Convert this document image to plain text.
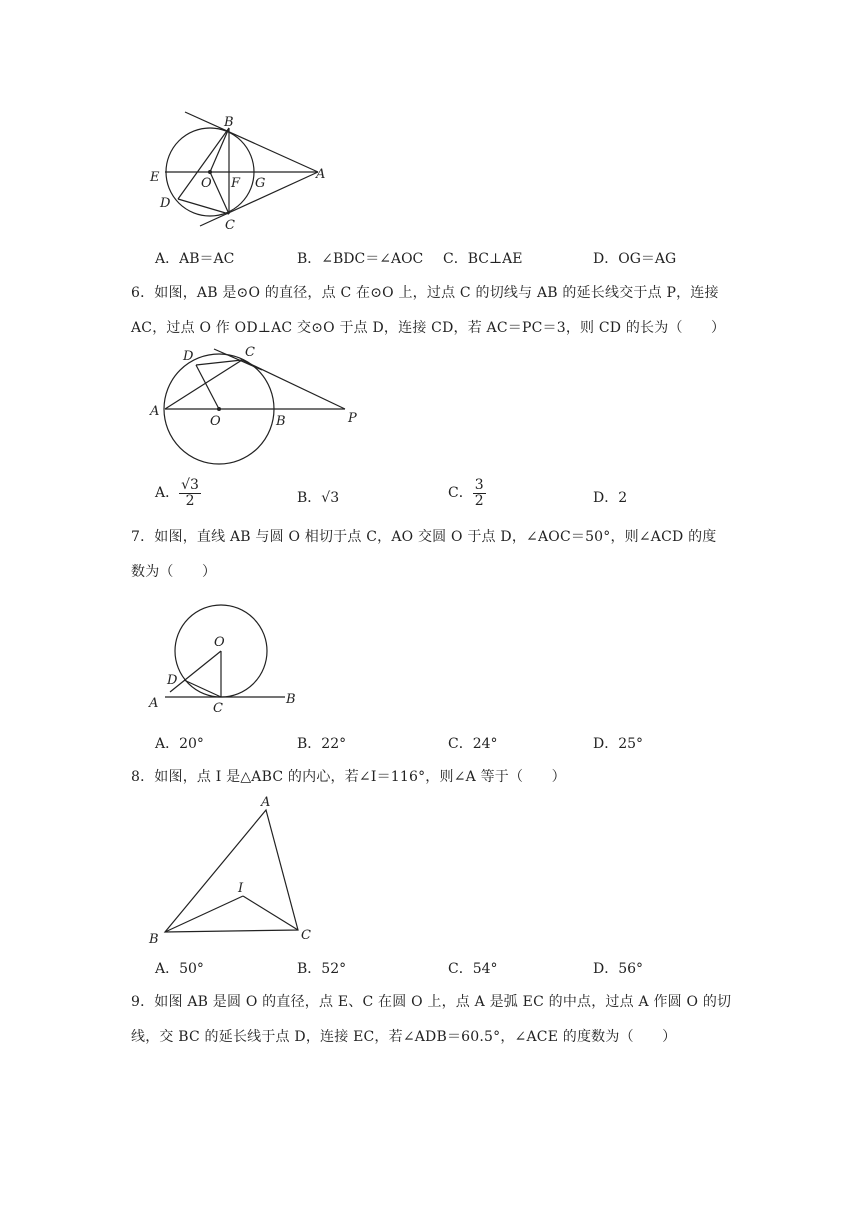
B
E	O F G
A
D
C
A．AB＝AC	B．∠BDC＝∠AOC C．BC⊥AE	D．OG＝AG
6．如图，AB 是⊙O 的直径，点 C 在⊙O 上，过点 C 的切线与 AB 的延长线交于点 P，连接
AC，过点 O 作 OD⊥AC 交⊙O 于点 D，连接 CD，若 AC＝PC＝3，则 CD 的长为（　　）
D	C
A
O	B	P
A． $\frac{√3}{2}$	B．√3	C． $\frac{3}{2}$	D．2
7．如图，直线 AB 与圆 O 相切于点 C，AO 交圆 O 于点 D，∠AOC＝50°，则∠ACD 的度
数为（　　）
O
D
A	C
B
A．20°	B．22°	C．24°	D．25°
8．如图，点 I 是△ABC 的内心，若∠I＝116°，则∠A 等于（　　）
A
I
B	C
A．50°	B．52°	C．54°	D．56°
9．如图 AB 是圆 O 的直径，点 E、C 在圆 O 上，点 A 是弧 EC 的中点，过点 A 作圆 O 的切
线，交 BC 的延长线于点 D，连接 EC，若∠ADB＝60.5°，∠ACE 的度数为（　　）
